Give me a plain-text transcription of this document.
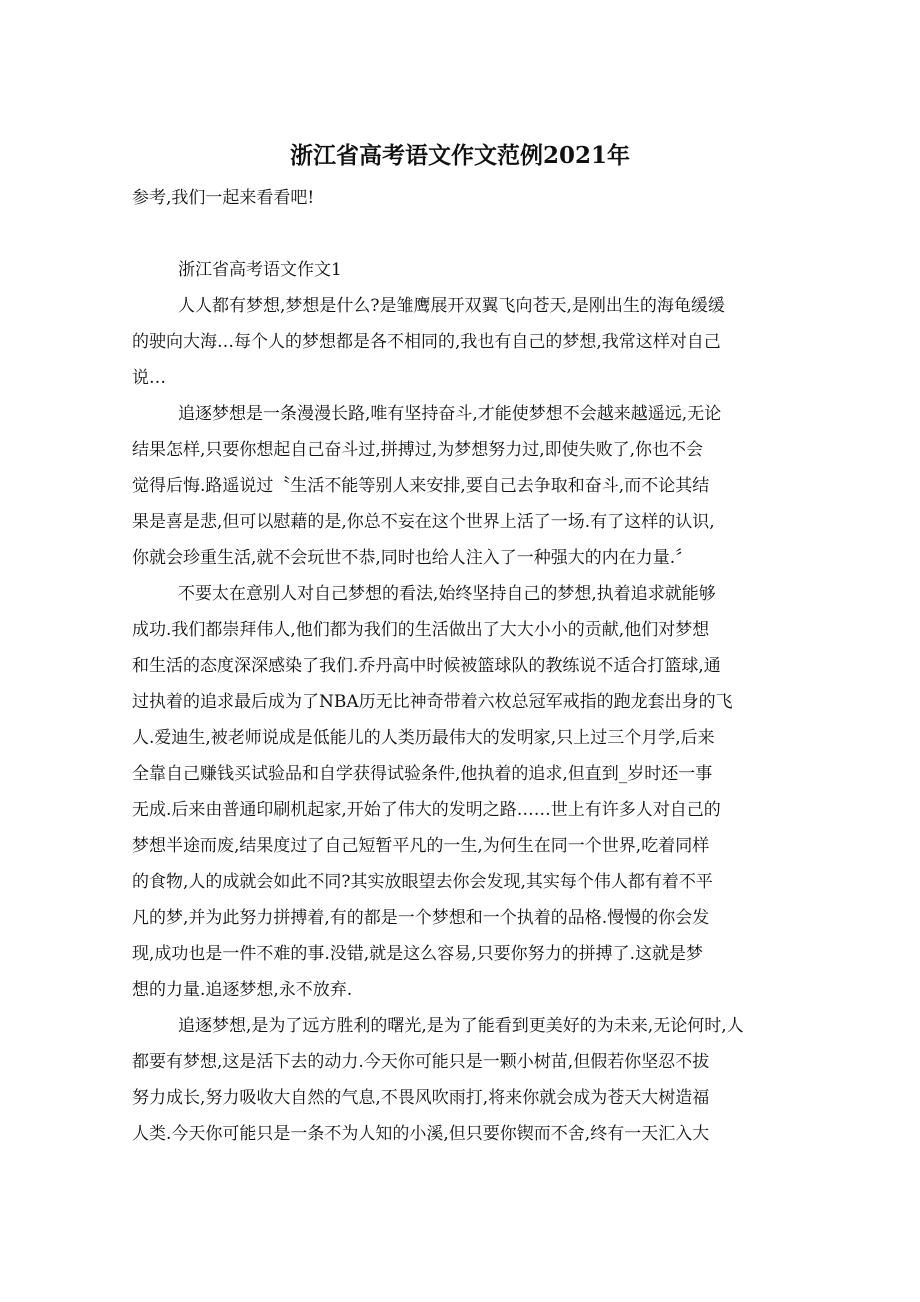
浙江省高考语文作文范例2021年
参考,我们一起来看看吧!
浙江省高考语文作文1
人人都有梦想,梦想是什么?是雏鹰展开双翼飞向苍天,是刚出生的海龟缓缓
的驶向大海…每个人的梦想都是各不相同的,我也有自己的梦想,我常这样对自己
说…
追逐梦想是一条漫漫长路,唯有坚持奋斗,才能使梦想不会越来越遥远,无论
结果怎样,只要你想起自己奋斗过,拼搏过,为梦想努力过,即使失败了,你也不会
觉得后悔.路遥说过〝生活不能等别人来安排,要自己去争取和奋斗,而不论其结
果是喜是悲,但可以慰藉的是,你总不妄在这个世界上活了一场.有了这样的认识,
你就会珍重生活,就不会玩世不恭,同时也给人注入了一种强大的内在力量.〞
不要太在意别人对自己梦想的看法,始终坚持自己的梦想,执着追求就能够
成功.我们都崇拜伟人,他们都为我们的生活做出了大大小小的贡献,他们对梦想
和生活的态度深深感染了我们.乔丹高中时候被篮球队的教练说不适合打篮球,通
过执着的追求最后成为了NBA历无比神奇带着六枚总冠军戒指的跑龙套出身的飞
人.爱迪生,被老师说成是低能儿的人类历最伟大的发明家,只上过三个月学,后来
全靠自己赚钱买试验品和自学获得试验条件,他执着的追求,但直到_岁时还一事
无成.后来由普通印刷机起家,开始了伟大的发明之路……世上有许多人对自己的
梦想半途而废,结果度过了自己短暂平凡的一生,为何生在同一个世界,吃着同样
的食物,人的成就会如此不同?其实放眼望去你会发现,其实每个伟人都有着不平
凡的梦,并为此努力拼搏着,有的都是一个梦想和一个执着的品格.慢慢的你会发
现,成功也是一件不难的事.没错,就是这么容易,只要你努力的拼搏了.这就是梦
想的力量.追逐梦想,永不放弃.
追逐梦想,是为了远方胜利的曙光,是为了能看到更美好的为未来,无论何时,人
都要有梦想,这是活下去的动力.今天你可能只是一颗小树苗,但假若你坚忍不拔
努力成长,努力吸收大自然的气息,不畏风吹雨打,将来你就会成为苍天大树造福
人类.今天你可能只是一条不为人知的小溪,但只要你锲而不舍,终有一天汇入大
